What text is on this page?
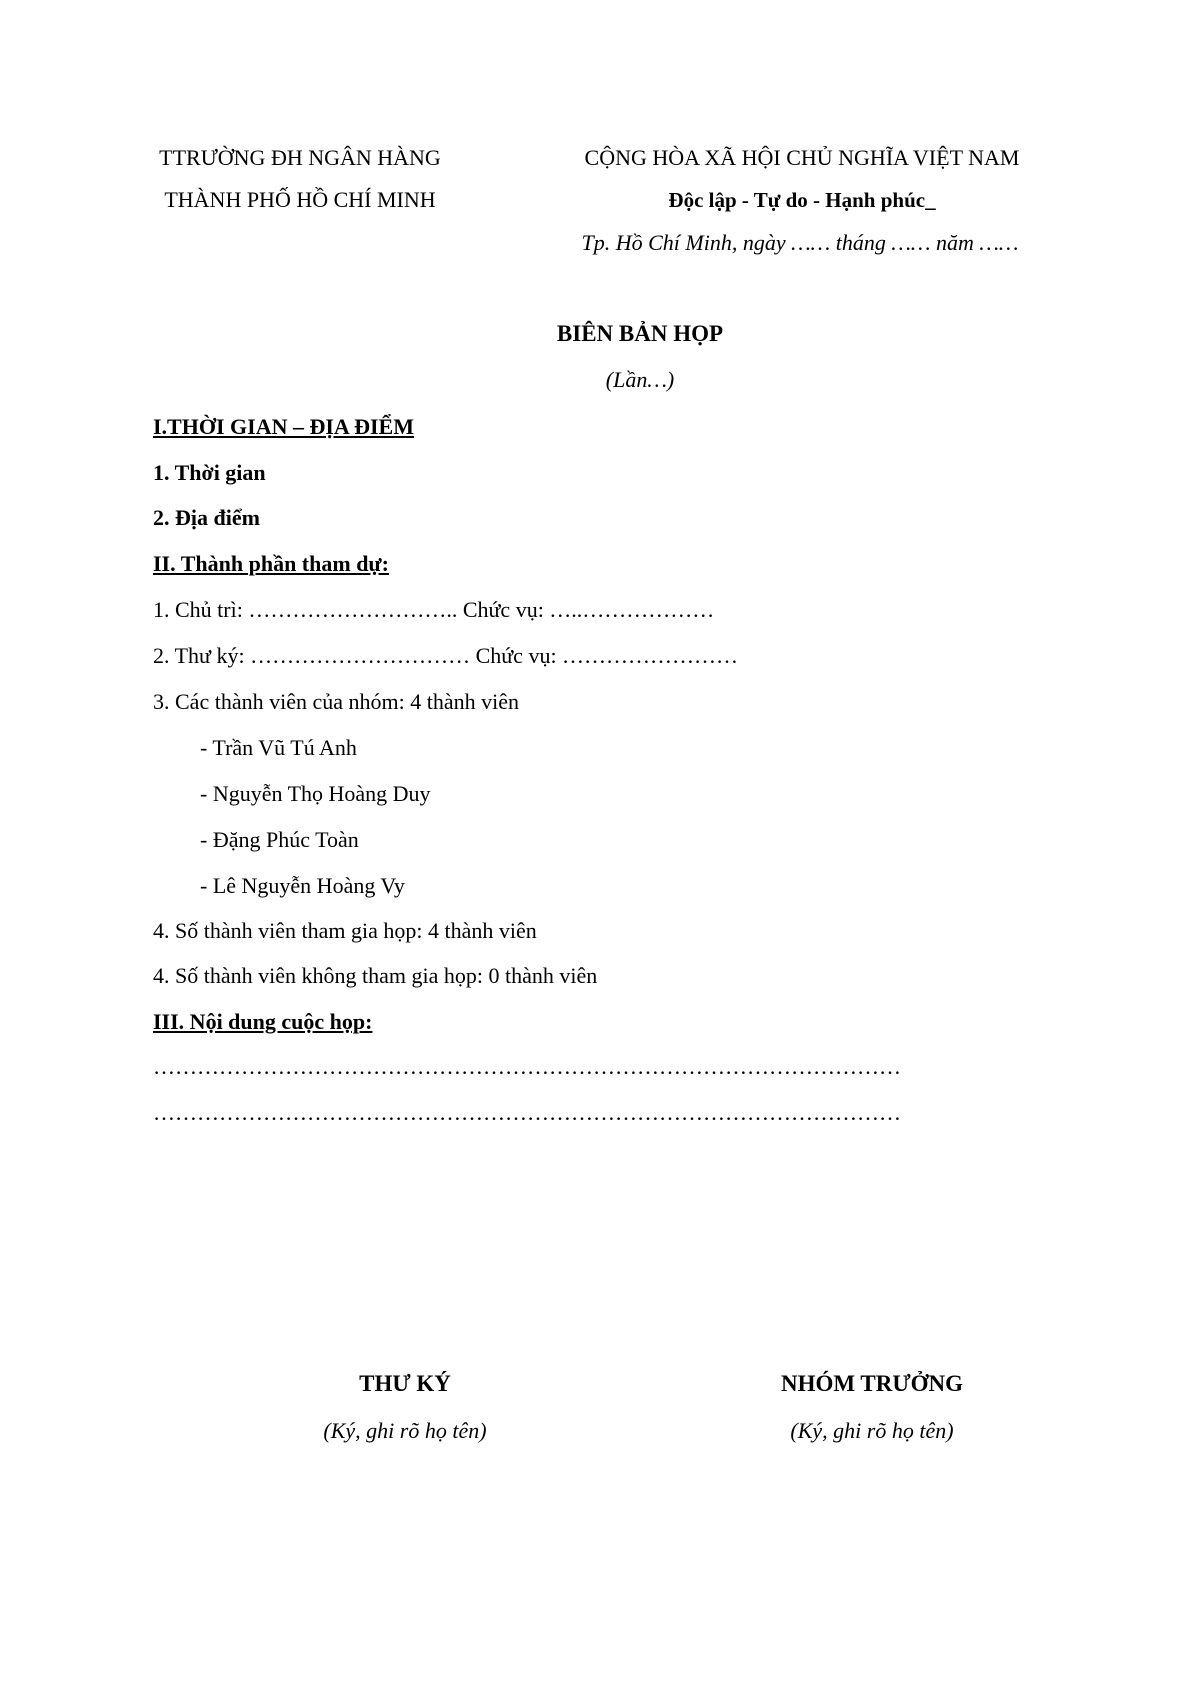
TTRƯỜNG ĐH NGÂN HÀNG
THÀNH PHỐ HỒ CHÍ MINH
CỘNG HÒA XÃ HỘI CHỦ NGHĨA VIỆT NAM
Độc lập - Tự do - Hạnh phúc_
Tp. Hồ Chí Minh, ngày …… tháng …… năm ……
BIÊN BẢN HỌP
(Lần…)
I.THỜI GIAN – ĐỊA ĐIỂM
1. Thời gian
2. Địa điểm
II. Thành phần tham dự:
1. Chủ trì: ……………………….. Chức vụ: …..………………
2. Thư ký: ………………………… Chức vụ: ……………………
3. Các thành viên của nhóm: 4 thành viên
- Trần Vũ Tú Anh
- Nguyễn Thọ Hoàng Duy
- Đặng Phúc Toàn
- Lê Nguyễn Hoàng Vy
4. Số thành viên tham gia họp: 4 thành viên
4. Số thành viên không tham gia họp: 0 thành viên
III. Nội dung cuộc họp:
…………………………………………………………………………………………
…………………………………………………………………………………………
THƯ KÝ
(Ký, ghi rõ họ tên)
NHÓM TRƯỞNG
(Ký, ghi rõ họ tên)
